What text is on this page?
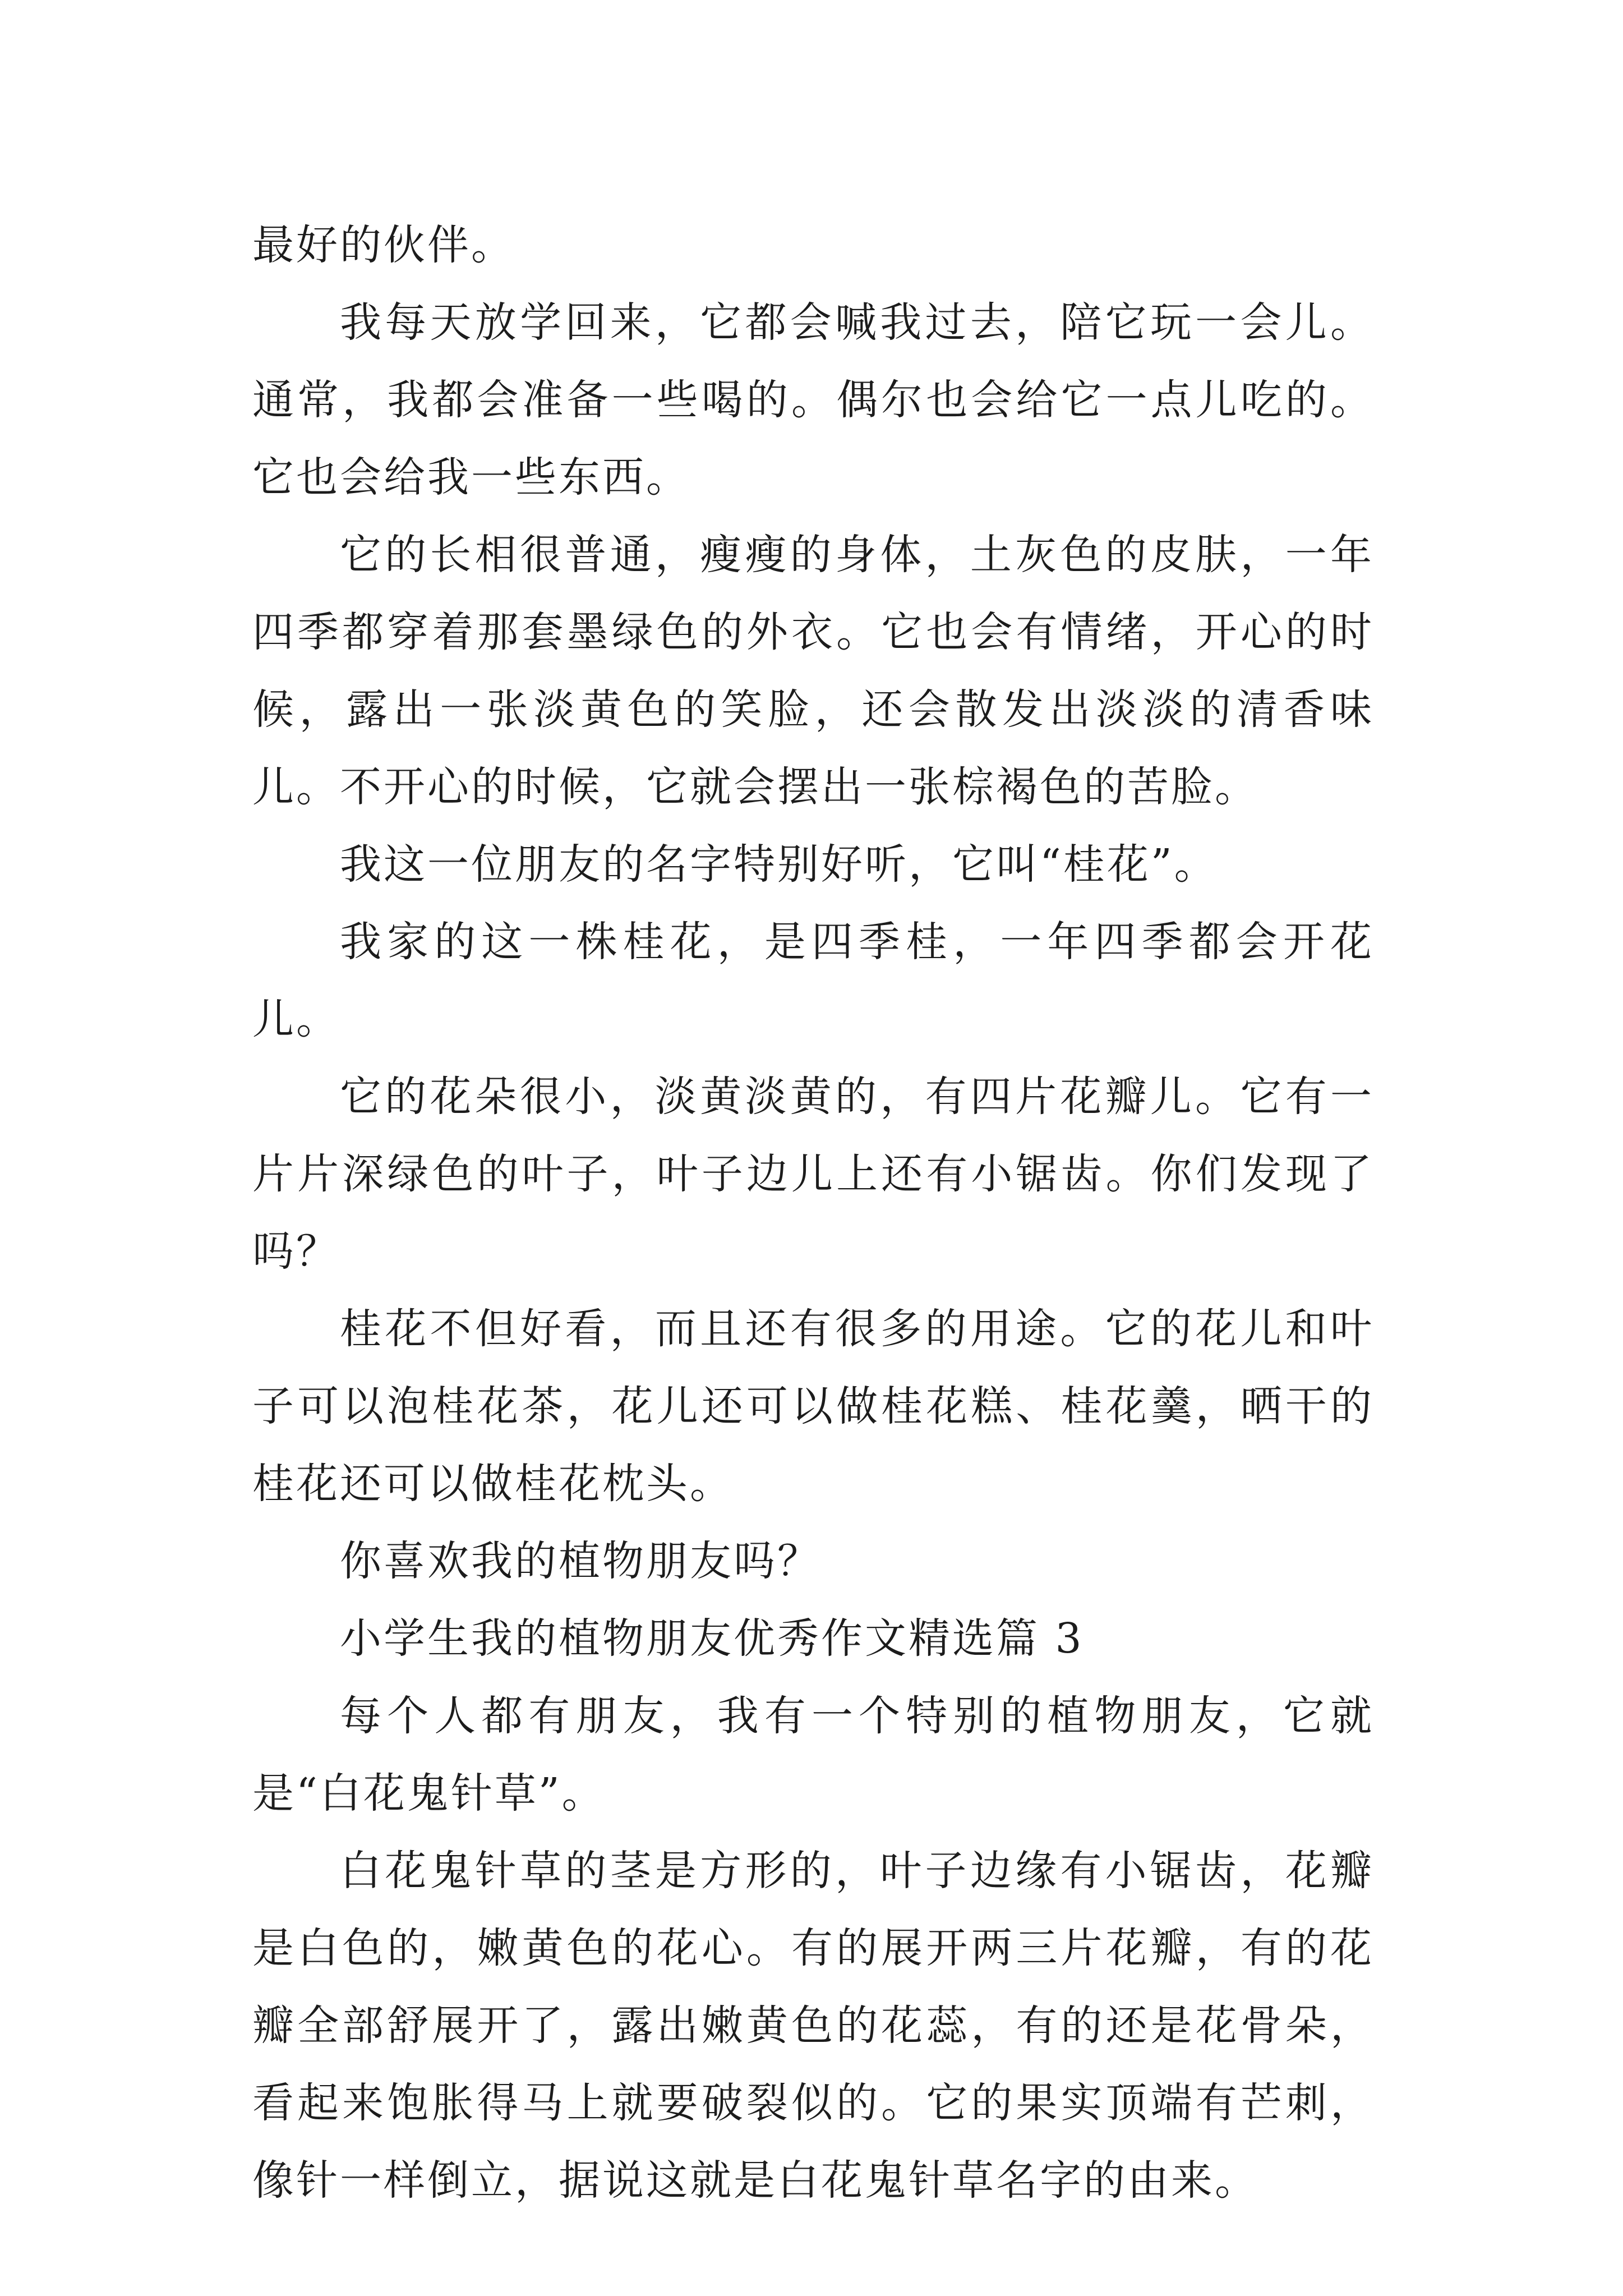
最好的伙伴。

我每天放学回来，它都会喊我过去，陪它玩一会儿。通常，我都会准备一些喝的。偶尔也会给它一点儿吃的。它也会给我一些东西。

它的长相很普通，瘦瘦的身体，土灰色的皮肤，一年四季都穿着那套墨绿色的外衣。它也会有情绪，开心的时候，露出一张淡黄色的笑脸，还会散发出淡淡的清香味儿。不开心的时候，它就会摆出一张棕褐色的苦脸。

我这一位朋友的名字特别好听，它叫“桂花”。

我家的这一株桂花，是四季桂，一年四季都会开花儿。

它的花朵很小，淡黄淡黄的，有四片花瓣儿。它有一片片深绿色的叶子，叶子边儿上还有小锯齿。你们发现了吗？

桂花不但好看，而且还有很多的用途。它的花儿和叶子可以泡桂花茶，花儿还可以做桂花糕、桂花羹，晒干的桂花还可以做桂花枕头。

你喜欢我的植物朋友吗？

小学生我的植物朋友优秀作文精选篇 3

每个人都有朋友，我有一个特别的植物朋友，它就是“白花鬼针草”。

白花鬼针草的茎是方形的，叶子边缘有小锯齿，花瓣是白色的，嫩黄色的花心。有的展开两三片花瓣，有的花瓣全部舒展开了，露出嫩黄色的花蕊，有的还是花骨朵，看起来饱胀得马上就要破裂似的。它的果实顶端有芒刺，像针一样倒立，据说这就是白花鬼针草名字的由来。
